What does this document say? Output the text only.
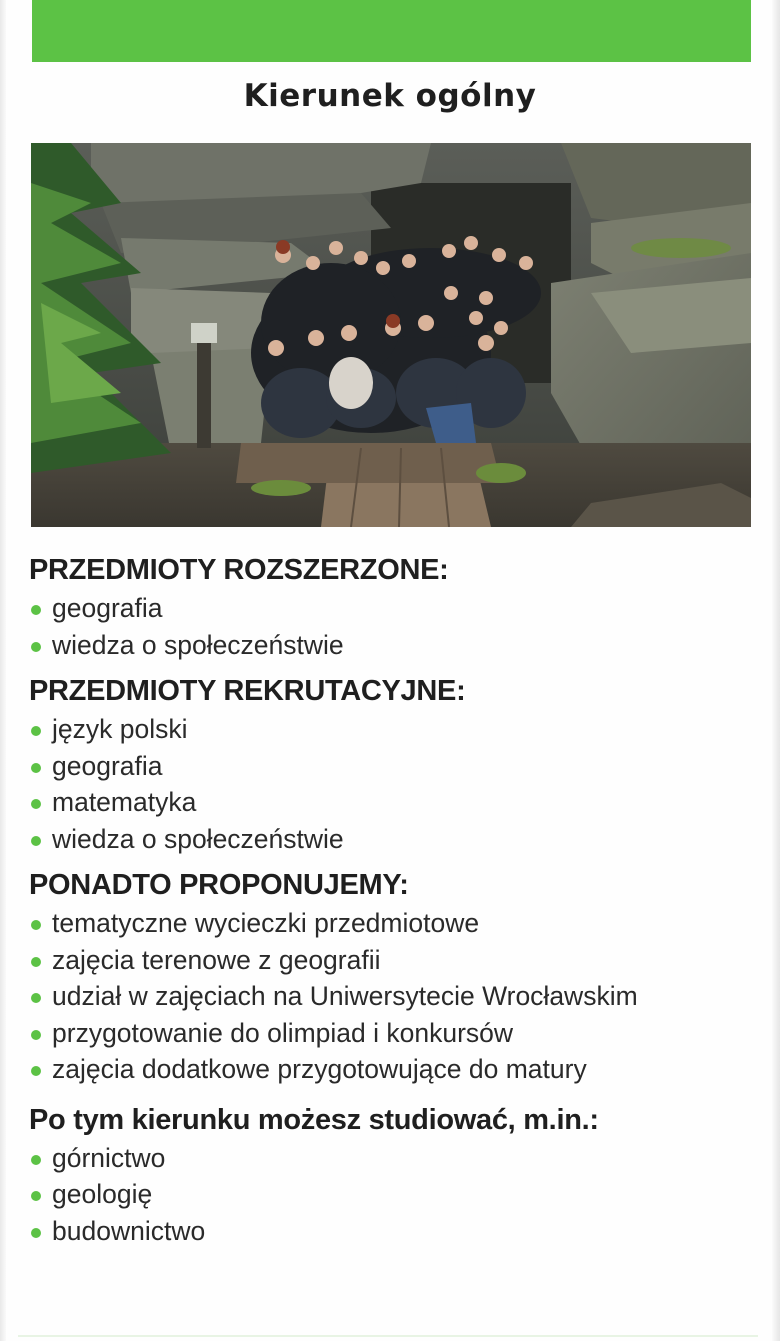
Kierunek ogólny
PRZEDMIOTY ROZSZERZONE:
geografia
wiedza o społeczeństwie
PRZEDMIOTY REKRUTACYJNE:
język polski
geografia
matematyka
wiedza o społeczeństwie
PONADTO PROPONUJEMY:
tematyczne wycieczki przedmiotowe
zajęcia terenowe z geografii
udział w zajęciach na Uniwersytecie Wrocławskim
przygotowanie do olimpiad i konkursów
zajęcia dodatkowe przygotowujące do matury
Po tym kierunku możesz studiować, m.in.:
górnictwo
geologię
budownictwo
